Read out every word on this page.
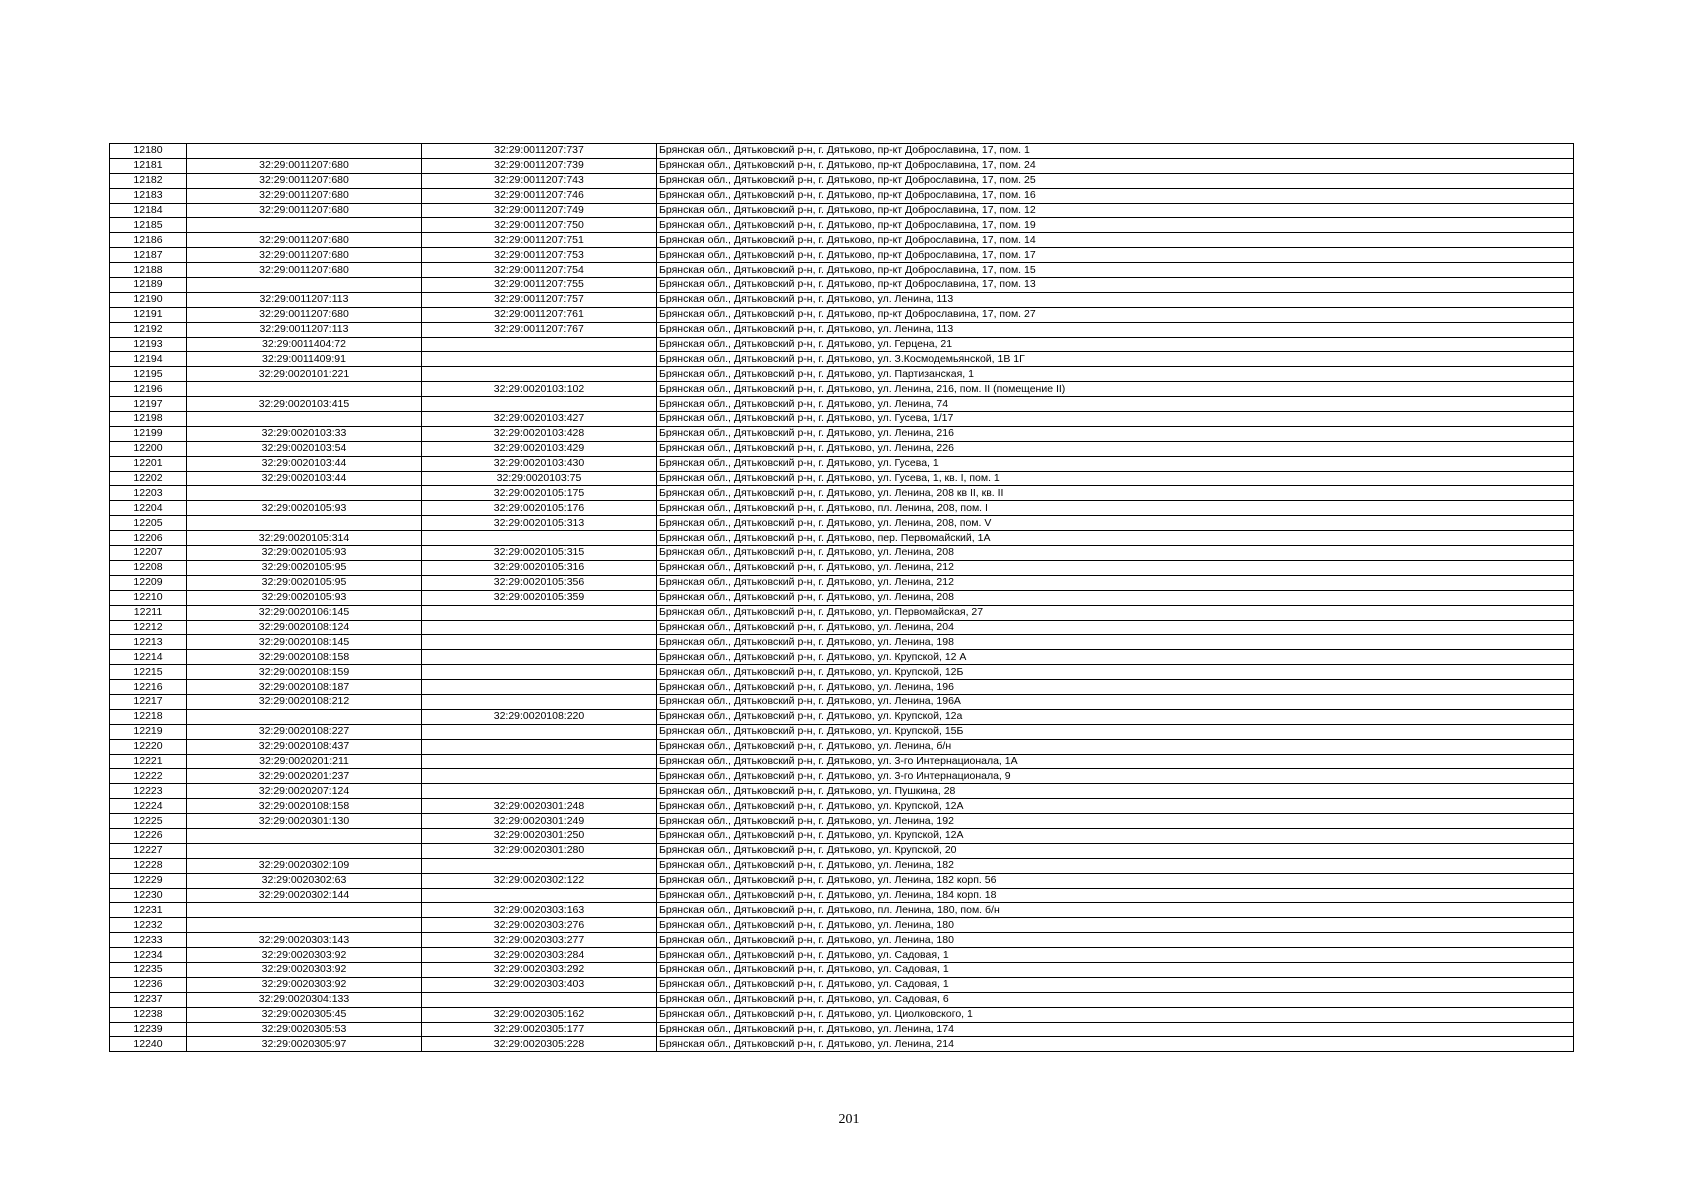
12180		32:29:0011207:737	Брянская обл., Дятьковский р-н, г. Дятьково, пр-кт Доброславина, 17, пом. 1
12181	32:29:0011207:680	32:29:0011207:739	Брянская обл., Дятьковский р-н, г. Дятьково, пр-кт Доброславина, 17, пом. 24
12182	32:29:0011207:680	32:29:0011207:743	Брянская обл., Дятьковский р-н, г. Дятьково, пр-кт Доброславина, 17, пом. 25
12183	32:29:0011207:680	32:29:0011207:746	Брянская обл., Дятьковский р-н, г. Дятьково, пр-кт Доброславина, 17, пом. 16
12184	32:29:0011207:680	32:29:0011207:749	Брянская обл., Дятьковский р-н, г. Дятьково, пр-кт Доброславина, 17, пом. 12
12185		32:29:0011207:750	Брянская обл., Дятьковский р-н, г. Дятьково, пр-кт Доброславина, 17, пом. 19
12186	32:29:0011207:680	32:29:0011207:751	Брянская обл., Дятьковский р-н, г. Дятьково, пр-кт Доброславина, 17, пом. 14
12187	32:29:0011207:680	32:29:0011207:753	Брянская обл., Дятьковский р-н, г. Дятьково, пр-кт Доброславина, 17, пом. 17
12188	32:29:0011207:680	32:29:0011207:754	Брянская обл., Дятьковский р-н, г. Дятьково, пр-кт Доброславина, 17, пом. 15
12189		32:29:0011207:755	Брянская обл., Дятьковский р-н, г. Дятьково, пр-кт Доброславина, 17, пом. 13
12190	32:29:0011207:113	32:29:0011207:757	Брянская обл., Дятьковский р-н, г. Дятьково, ул. Ленина, 113
12191	32:29:0011207:680	32:29:0011207:761	Брянская обл., Дятьковский р-н, г. Дятьково, пр-кт Доброславина, 17, пом. 27
12192	32:29:0011207:113	32:29:0011207:767	Брянская обл., Дятьковский р-н, г. Дятьково, ул. Ленина, 113
12193	32:29:0011404:72		Брянская обл., Дятьковский р-н, г. Дятьково, ул. Герцена, 21
12194	32:29:0011409:91		Брянская обл., Дятьковский р-н, г. Дятьково, ул. З.Космодемьянской, 1В 1Г
12195	32:29:0020101:221		Брянская обл., Дятьковский р-н, г. Дятьково, ул. Партизанская, 1
12196		32:29:0020103:102	Брянская обл., Дятьковский р-н, г. Дятьково, ул. Ленина, 216, пом. II (помещение II)
12197	32:29:0020103:415		Брянская обл., Дятьковский р-н, г. Дятьково, ул. Ленина, 74
12198		32:29:0020103:427	Брянская обл., Дятьковский р-н, г. Дятьково, ул. Гусева, 1/17
12199	32:29:0020103:33	32:29:0020103:428	Брянская обл., Дятьковский р-н, г. Дятьково, ул. Ленина, 216
12200	32:29:0020103:54	32:29:0020103:429	Брянская обл., Дятьковский р-н, г. Дятьково, ул. Ленина, 226
12201	32:29:0020103:44	32:29:0020103:430	Брянская обл., Дятьковский р-н, г. Дятьково, ул. Гусева, 1
12202	32:29:0020103:44	32:29:0020103:75	Брянская обл., Дятьковский р-н, г. Дятьково, ул. Гусева, 1, кв. I, пом. 1
12203		32:29:0020105:175	Брянская обл., Дятьковский р-н, г. Дятьково, ул. Ленина, 208 кв II, кв. II
12204	32:29:0020105:93	32:29:0020105:176	Брянская обл., Дятьковский р-н, г. Дятьково, пл. Ленина, 208, пом. I
12205		32:29:0020105:313	Брянская обл., Дятьковский р-н, г. Дятьково, ул. Ленина, 208, пом. V
12206	32:29:0020105:314		Брянская обл., Дятьковский р-н, г. Дятьково, пер. Первомайский, 1А
12207	32:29:0020105:93	32:29:0020105:315	Брянская обл., Дятьковский р-н, г. Дятьково, ул. Ленина, 208
12208	32:29:0020105:95	32:29:0020105:316	Брянская обл., Дятьковский р-н, г. Дятьково, ул. Ленина, 212
12209	32:29:0020105:95	32:29:0020105:356	Брянская обл., Дятьковский р-н, г. Дятьково, ул. Ленина, 212
12210	32:29:0020105:93	32:29:0020105:359	Брянская обл., Дятьковский р-н, г. Дятьково, ул. Ленина, 208
12211	32:29:0020106:145		Брянская обл., Дятьковский р-н, г. Дятьково, ул. Первомайская, 27
12212	32:29:0020108:124		Брянская обл., Дятьковский р-н, г. Дятьково, ул. Ленина, 204
12213	32:29:0020108:145		Брянская обл., Дятьковский р-н, г. Дятьково, ул. Ленина, 198
12214	32:29:0020108:158		Брянская обл., Дятьковский р-н, г. Дятьково, ул. Крупской, 12 А
12215	32:29:0020108:159		Брянская обл., Дятьковский р-н, г. Дятьково, ул. Крупской, 12Б
12216	32:29:0020108:187		Брянская обл., Дятьковский р-н, г. Дятьково, ул. Ленина, 196
12217	32:29:0020108:212		Брянская обл., Дятьковский р-н, г. Дятьково, ул. Ленина, 196А
12218		32:29:0020108:220	Брянская обл., Дятьковский р-н, г. Дятьково, ул. Крупской, 12а
12219	32:29:0020108:227		Брянская обл., Дятьковский р-н, г. Дятьково, ул. Крупской, 15Б
12220	32:29:0020108:437		Брянская обл., Дятьковский р-н, г. Дятьково, ул. Ленина, б/н
12221	32:29:0020201:211		Брянская обл., Дятьковский р-н, г. Дятьково, ул. 3-го Интернационала, 1А
12222	32:29:0020201:237		Брянская обл., Дятьковский р-н, г. Дятьково, ул. 3-го Интернационала, 9
12223	32:29:0020207:124		Брянская обл., Дятьковский р-н, г. Дятьково, ул. Пушкина, 28
12224	32:29:0020108:158	32:29:0020301:248	Брянская обл., Дятьковский р-н, г. Дятьково, ул. Крупской, 12А
12225	32:29:0020301:130	32:29:0020301:249	Брянская обл., Дятьковский р-н, г. Дятьково, ул. Ленина, 192
12226		32:29:0020301:250	Брянская обл., Дятьковский р-н, г. Дятьково, ул. Крупской, 12А
12227		32:29:0020301:280	Брянская обл., Дятьковский р-н, г. Дятьково, ул. Крупской, 20
12228	32:29:0020302:109		Брянская обл., Дятьковский р-н, г. Дятьково, ул. Ленина, 182
12229	32:29:0020302:63	32:29:0020302:122	Брянская обл., Дятьковский р-н, г. Дятьково, ул. Ленина, 182 корп. 56
12230	32:29:0020302:144		Брянская обл., Дятьковский р-н, г. Дятьково, ул. Ленина, 184 корп. 18
12231		32:29:0020303:163	Брянская обл., Дятьковский р-н, г. Дятьково, пл. Ленина, 180, пом. б/н
12232		32:29:0020303:276	Брянская обл., Дятьковский р-н, г. Дятьково, ул. Ленина, 180
12233	32:29:0020303:143	32:29:0020303:277	Брянская обл., Дятьковский р-н, г. Дятьково, ул. Ленина, 180
12234	32:29:0020303:92	32:29:0020303:284	Брянская обл., Дятьковский р-н, г. Дятьково, ул. Садовая, 1
12235	32:29:0020303:92	32:29:0020303:292	Брянская обл., Дятьковский р-н, г. Дятьково, ул. Садовая, 1
12236	32:29:0020303:92	32:29:0020303:403	Брянская обл., Дятьковский р-н, г. Дятьково, ул. Садовая, 1
12237	32:29:0020304:133		Брянская обл., Дятьковский р-н, г. Дятьково, ул. Садовая, 6
12238	32:29:0020305:45	32:29:0020305:162	Брянская обл., Дятьковский р-н, г. Дятьково, ул. Циолковского, 1
12239	32:29:0020305:53	32:29:0020305:177	Брянская обл., Дятьковский р-н, г. Дятьково, ул. Ленина, 174
12240	32:29:0020305:97	32:29:0020305:228	Брянская обл., Дятьковский р-н, г. Дятьково, ул. Ленина, 214
201
